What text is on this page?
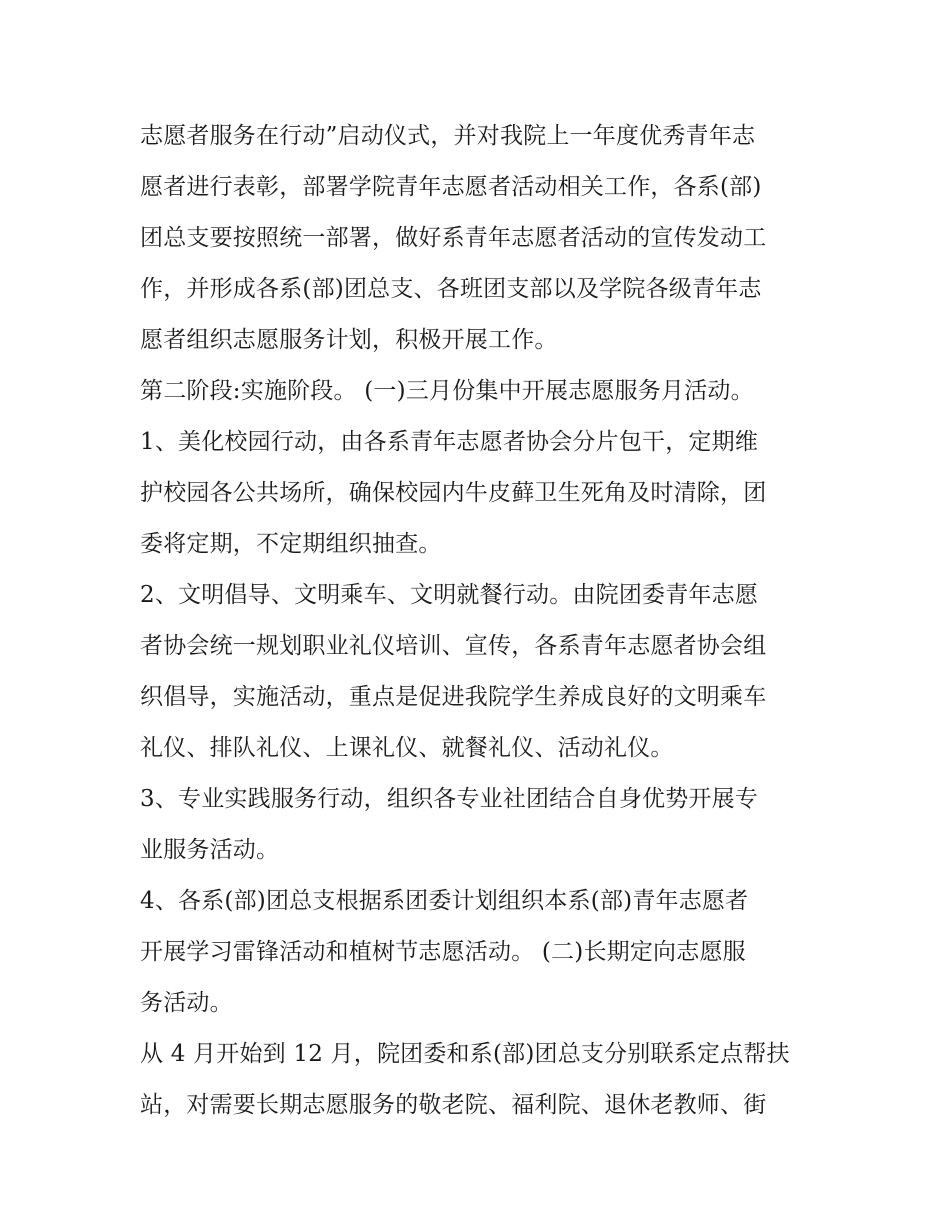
志愿者服务在行动”启动仪式，并对我院上一年度优秀青年志
愿者进行表彰，部署学院青年志愿者活动相关工作，各系(部)
团总支要按照统一部署，做好系青年志愿者活动的宣传发动工
作，并形成各系(部)团总支、各班团支部以及学院各级青年志
愿者组织志愿服务计划，积极开展工作。
第二阶段:实施阶段。 (一)三月份集中开展志愿服务月活动。
1、美化校园行动，由各系青年志愿者协会分片包干，定期维
护校园各公共场所，确保校园内牛皮藓卫生死角及时清除，团
委将定期，不定期组织抽查。
2、文明倡导、文明乘车、文明就餐行动。由院团委青年志愿
者协会统一规划职业礼仪培训、宣传，各系青年志愿者协会组
织倡导，实施活动，重点是促进我院学生养成良好的文明乘车
礼仪、排队礼仪、上课礼仪、就餐礼仪、活动礼仪。
3、专业实践服务行动，组织各专业社团结合自身优势开展专
业服务活动。
4、各系(部)团总支根据系团委计划组织本系(部)青年志愿者
开展学习雷锋活动和植树节志愿活动。 (二)长期定向志愿服
务活动。
从 4 月开始到 12 月，院团委和系(部)团总支分别联系定点帮扶
站，对需要长期志愿服务的敬老院、福利院、退休老教师、街
